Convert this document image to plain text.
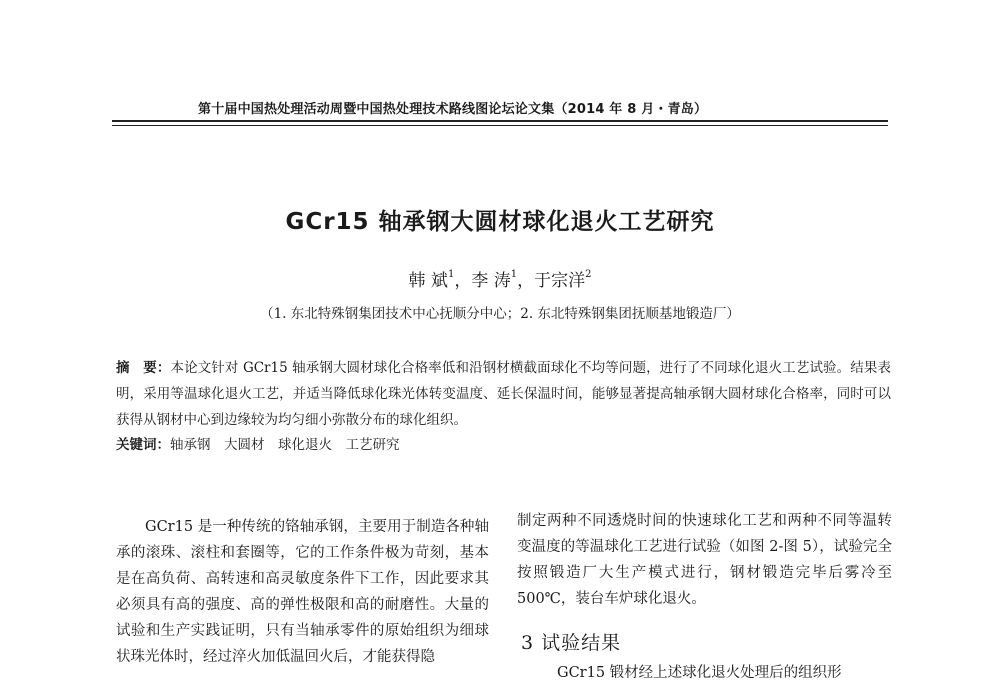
第十届中国热处理活动周暨中国热处理技术路线图论坛论文集（2014 年 8 月・青岛）
GCr15 轴承钢大圆材球化退火工艺研究
韩 斌$^1$，李 涛$^1$，于宗洋$^2$
（1. 东北特殊钢集团技术中心抚顺分中心；2. 东北特殊钢集团抚顺基地锻造厂）
摘　要：本论文针对 GCr15 轴承钢大圆材球化合格率低和沿钢材横截面球化不均等问题，进行了不同球化退火工艺试验。结果表明，采用等温球化退火工艺，并适当降低球化珠光体转变温度、延长保温时间，能够显著提高轴承钢大圆材球化合格率，同时可以获得从钢材中心到边缘较为均匀细小弥散分布的球化组织。
关键词：轴承钢　大圆材　球化退火　工艺研究
GCr15 是一种传统的铬轴承钢，主要用于制造各种轴承的滚珠、滚柱和套圈等，它的工作条件极为苛刻，基本是在高负荷、高转速和高灵敏度条件下工作，因此要求其必须具有高的强度、高的弹性极限和高的耐磨性。大量的试验和生产实践证明，只有当轴承零件的原始组织为细球状珠光体时，经过淬火加低温回火后，才能获得隐
制定两种不同透烧时间的快速球化工艺和两种不同等温转变温度的等温球化工艺进行试验（如图 2-图 5），试验完全按照锻造厂大生产模式进行，钢材锻造完毕后雾冷至 500℃，装台车炉球化退火。
3 试验结果
GCr15 锻材经上述球化退火处理后的组织形
